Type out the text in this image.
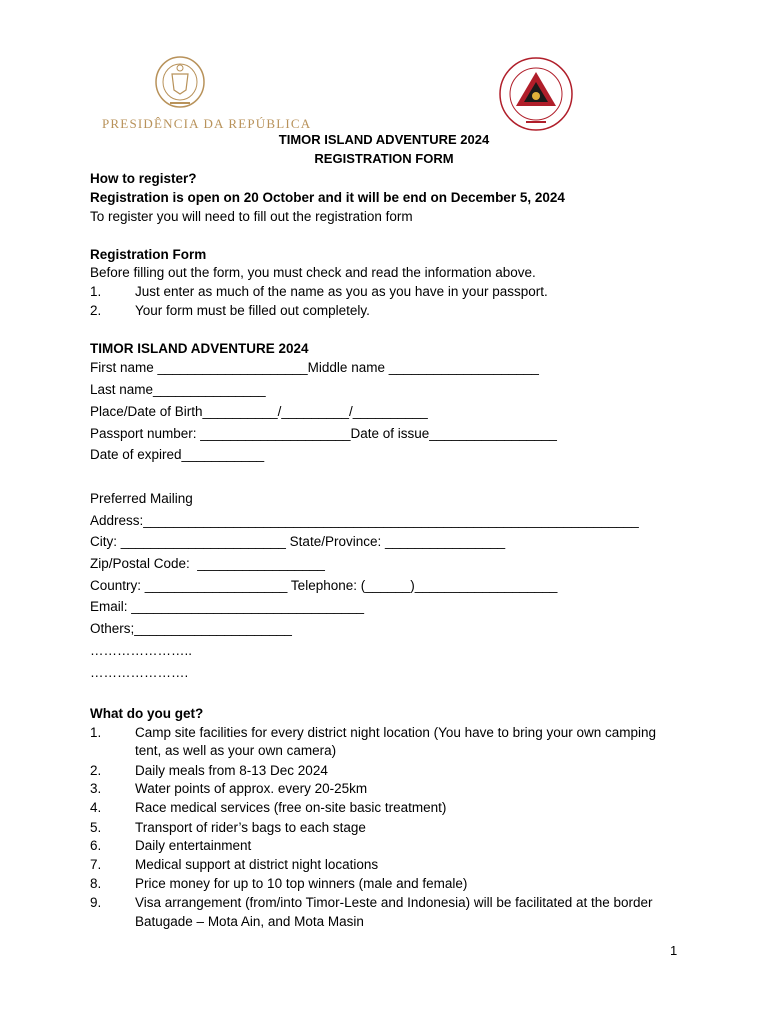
PRESIDÊNCIA DA REPÚBLICA
TIMOR ISLAND ADVENTURE 2024
REGISTRATION FORM
How to register?
Registration is open on 20 October and it will be end on December 5, 2024
To register you will need to fill out the registration form
Registration Form
Before filling out the form, you must check and read the information above.
1. Just enter as much of the name as you as you have in your passport.
2. Your form must be filled out completely.
TIMOR ISLAND ADVENTURE 2024
First name ____________________Middle name ____________________
Last name_______________
Place/Date of Birth__________/_________/__________
Passport number: ____________________Date of issue_________________
Date of expired___________
Preferred Mailing
Address:__________________________________________________________________
City: ______________________ State/Province: ________________
Zip/Postal Code:  _________________
Country: ___________________ Telephone: (______)___________________
Email: _______________________________
Others;_____________________
…………………..
………………….
What do you get?
1. Camp site facilities for every district night location (You have to bring your own camping
tent, as well as your own camera)
2. Daily meals from 8-13 Dec 2024
3. Water points of approx. every 20-25km
4. Race medical services (free on-site basic treatment)
5. Transport of rider’s bags to each stage
6. Daily entertainment
7. Medical support at district night locations
8. Price money for up to 10 top winners (male and female)
9. Visa arrangement (from/into Timor-Leste and Indonesia) will be facilitated at the border
Batugade – Mota Ain, and Mota Masin
1
